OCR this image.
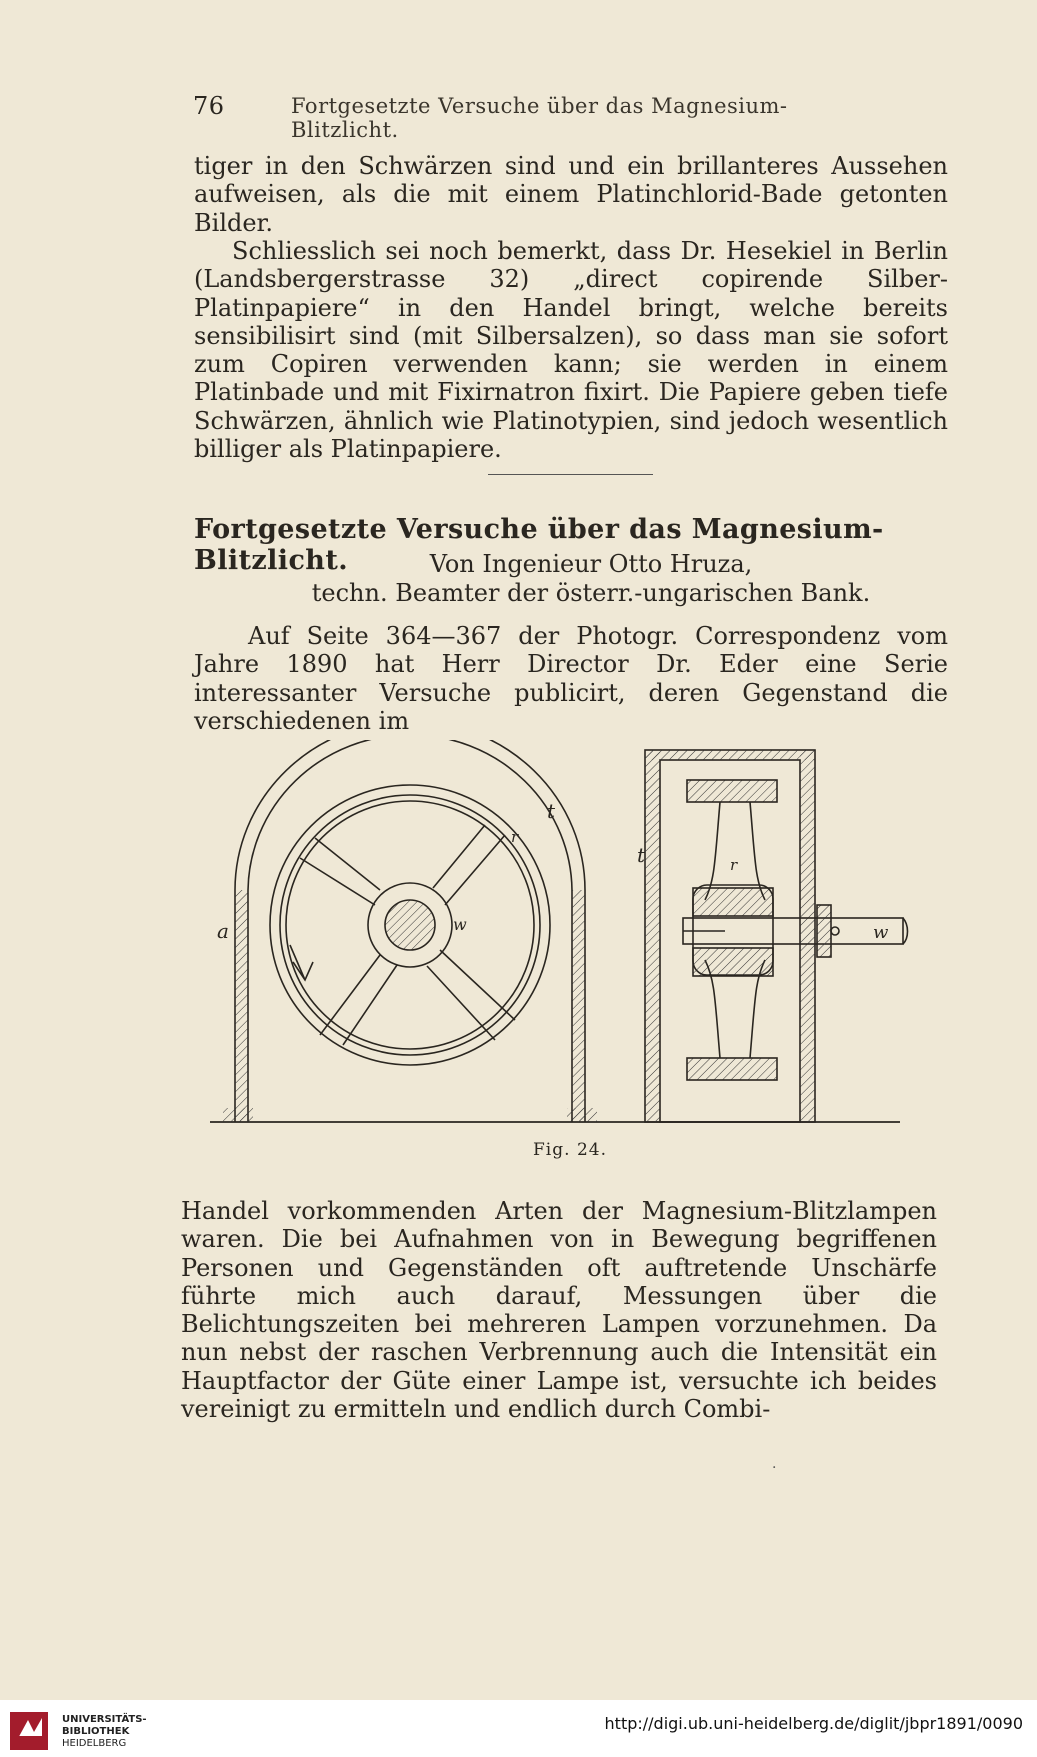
76	Fortgesetzte Versuche über das Magnesium-Blitzlicht.
tiger in den Schwärzen sind und ein brillanteres Aussehen aufweisen, als die mit einem Platinchlorid-Bade getonten Bilder.
Schliesslich sei noch bemerkt, dass Dr. Hesekiel in Berlin (Landsbergerstrasse 32) „direct copirende Silber-Platinpapiere“ in den Handel bringt, welche bereits sensibilisirt sind (mit Silbersalzen), so dass man sie sofort zum Copiren verwenden kann; sie werden in einem Platinbade und mit Fixirnatron fixirt. Die Papiere geben tiefe Schwärzen, ähnlich wie Platinotypien, sind jedoch wesentlich billiger als Platinpapiere.
Fortgesetzte Versuche über das Magnesium-Blitzlicht.	Von Ingenieur Otto Hruza,
techn. Beamter der österr.-ungarischen Bank.
Auf Seite 364—367 der Photogr. Correspondenz vom Jahre 1890 hat Herr Director Dr. Eder eine Serie interessanter Versuche publicirt, deren Gegenstand die verschiedenen im
t
r
w
a
t	r
w
Fig. 24.
Handel vorkommenden Arten der Magnesium-Blitzlampen waren. Die bei Aufnahmen von in Bewegung begriffenen Personen und Gegenständen oft auftretende Unschärfe führte mich auch darauf, Messungen über die Belichtungszeiten bei mehreren Lampen vorzunehmen. Da nun nebst der raschen Verbrennung auch die Intensität ein Hauptfactor der Güte einer Lampe ist, versuchte ich beides vereinigt zu ermitteln und endlich durch Combi-
·
UNIVERSITÄTS-
BIBLIOTHEK
HEIDELBERG
http://digi.ub.uni-heidelberg.de/diglit/jbpr1891/0090
